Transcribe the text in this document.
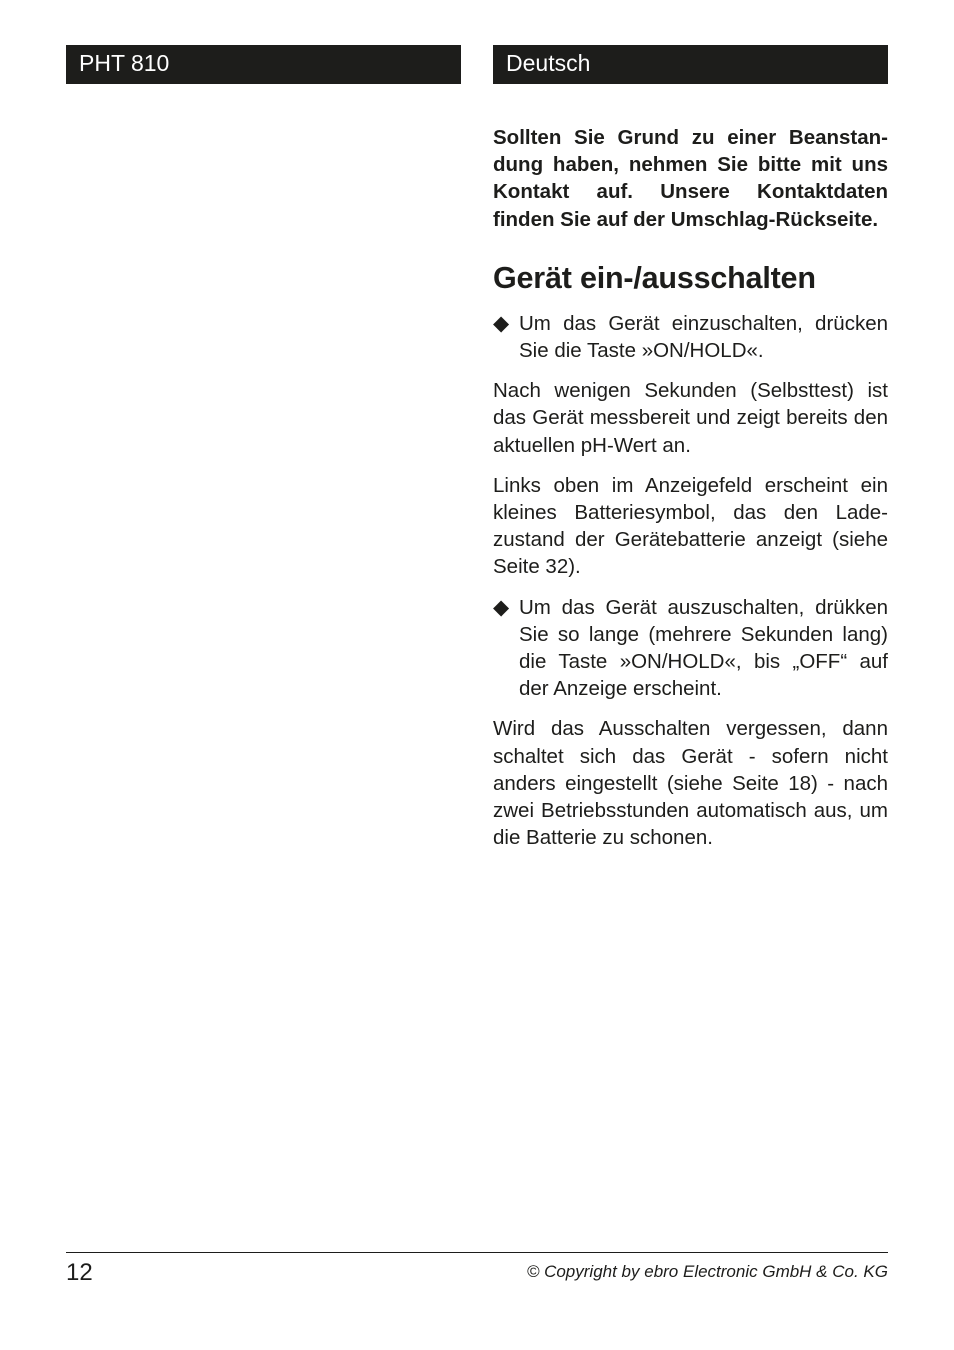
PHT 810	Deutsch

Sollten Sie Grund zu einer Beanstandung haben, nehmen Sie bitte mit uns Kontakt auf. Unsere Kontaktdaten finden Sie auf der Umschlag-Rückseite.

Gerät ein-/ausschalten
◆ Um das Gerät einzuschalten, drücken Sie die Taste »ON/HOLD«.

Nach wenigen Sekunden (Selbsttest) ist das Gerät messbereit und zeigt bereits den aktuellen pH-Wert an.

Links oben im Anzeigefeld erscheint ein kleines Batteriesymbol, das den Ladezustand der Gerätebatterie anzeigt (siehe Seite 32).

◆ Um das Gerät auszuschalten, drükken Sie so lange (mehrere Sekunden lang) die Taste »ON/HOLD«, bis „OFF“ auf der Anzeige erscheint.

Wird das Ausschalten vergessen, dann schaltet sich das Gerät - sofern nicht anders eingestellt (siehe Seite 18) - nach zwei Betriebsstunden automatisch aus, um die Batterie zu schonen.

12	© Copyright by ebro Electronic GmbH & Co. KG
